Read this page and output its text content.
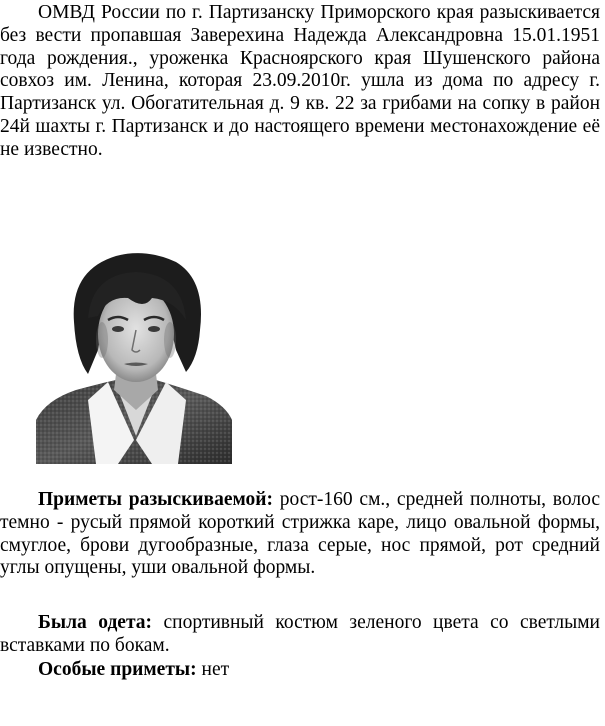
ОМВД России по г. Партизанску Приморского края разыскивается без вести пропавшая Заверехина Надежда Александровна 15.01.1951 года рождения., уроженка Красноярского края Шушенского района совхоз им. Ленина, которая 23.09.2010г. ушла из дома по адресу г. Партизанск ул. Обогатительная д. 9 кв. 22 за грибами на сопку в район 24й шахты г. Партизанск и до настоящего времени местонахождение её не известно.

Приметы разыскиваемой: рост-160 см., средней полноты, волос темно - русый прямой короткий стрижка каре, лицо овальной формы, смуглое, брови дугообразные, глаза серые, нос прямой, рот средний углы опущены, уши овальной формы.

Была одета: спортивный костюм зеленого цвета со светлыми вставками по бокам.

Особые приметы: нет
